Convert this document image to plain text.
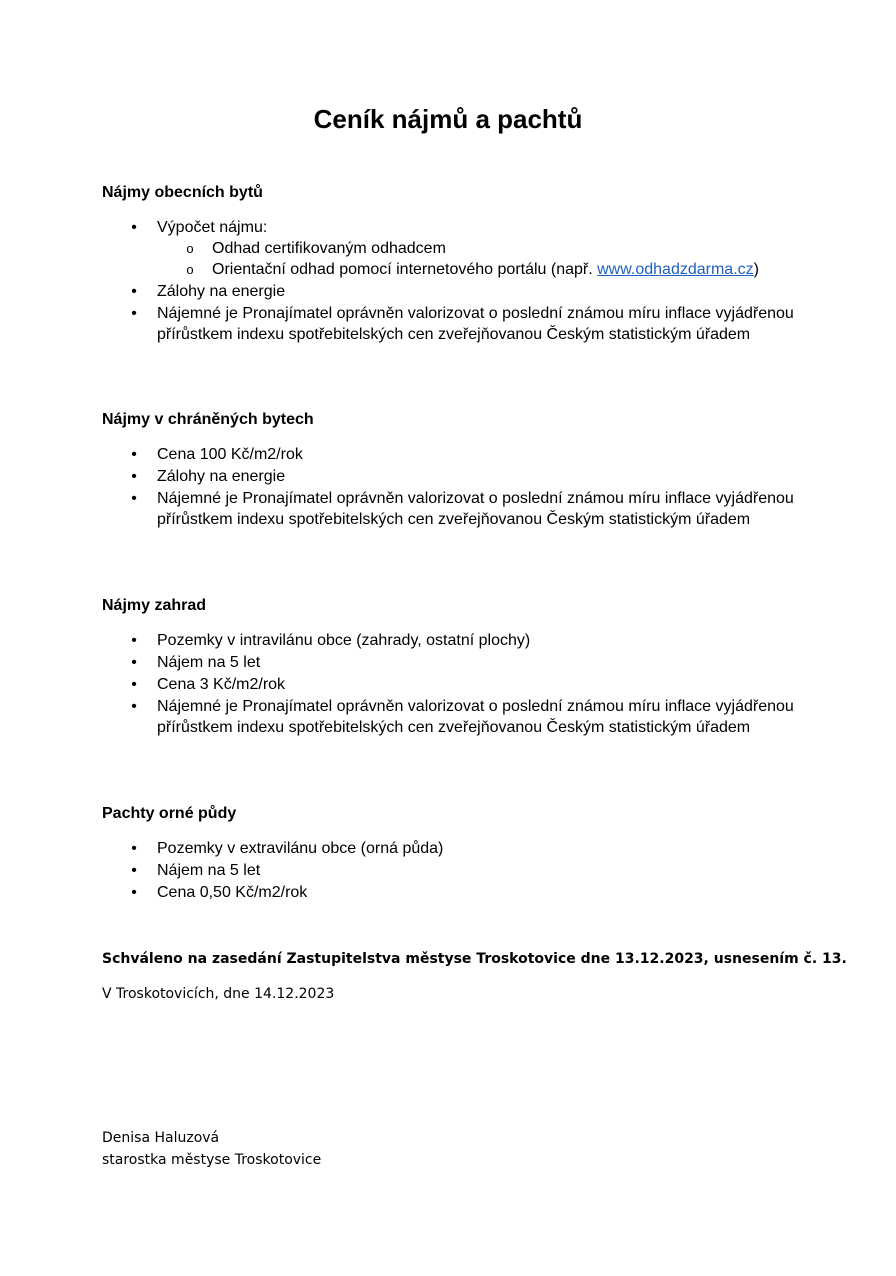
Ceník nájmů a pachtů
Nájmy obecních bytů
• Výpočet nájmu:
o Odhad certifikovaným odhadcem
o Orientační odhad pomocí internetového portálu (např. www.odhadzdarma.cz)
• Zálohy na energie
• Nájemné je Pronajímatel oprávněn valorizovat o poslední známou míru inflace vyjádřenou přírůstkem indexu spotřebitelských cen zveřejňovanou Českým statistickým úřadem
Nájmy v chráněných bytech
• Cena 100 Kč/m2/rok
• Zálohy na energie
• Nájemné je Pronajímatel oprávněn valorizovat o poslední známou míru inflace vyjádřenou přírůstkem indexu spotřebitelských cen zveřejňovanou Českým statistickým úřadem
Nájmy zahrad
• Pozemky v intravilánu obce (zahrady, ostatní plochy)
• Nájem na 5 let
• Cena 3 Kč/m2/rok
• Nájemné je Pronajímatel oprávněn valorizovat o poslední známou míru inflace vyjádřenou přírůstkem indexu spotřebitelských cen zveřejňovanou Českým statistickým úřadem
Pachty orné půdy
• Pozemky v extravilánu obce (orná půda)
• Nájem na 5 let
• Cena 0,50 Kč/m2/rok
Schváleno na zasedání Zastupitelstva městyse Troskotovice dne 13.12.2023, usnesením č. 13.
V Troskotovicích, dne 14.12.2023
Denisa Haluzová
starostka městyse Troskotovice
